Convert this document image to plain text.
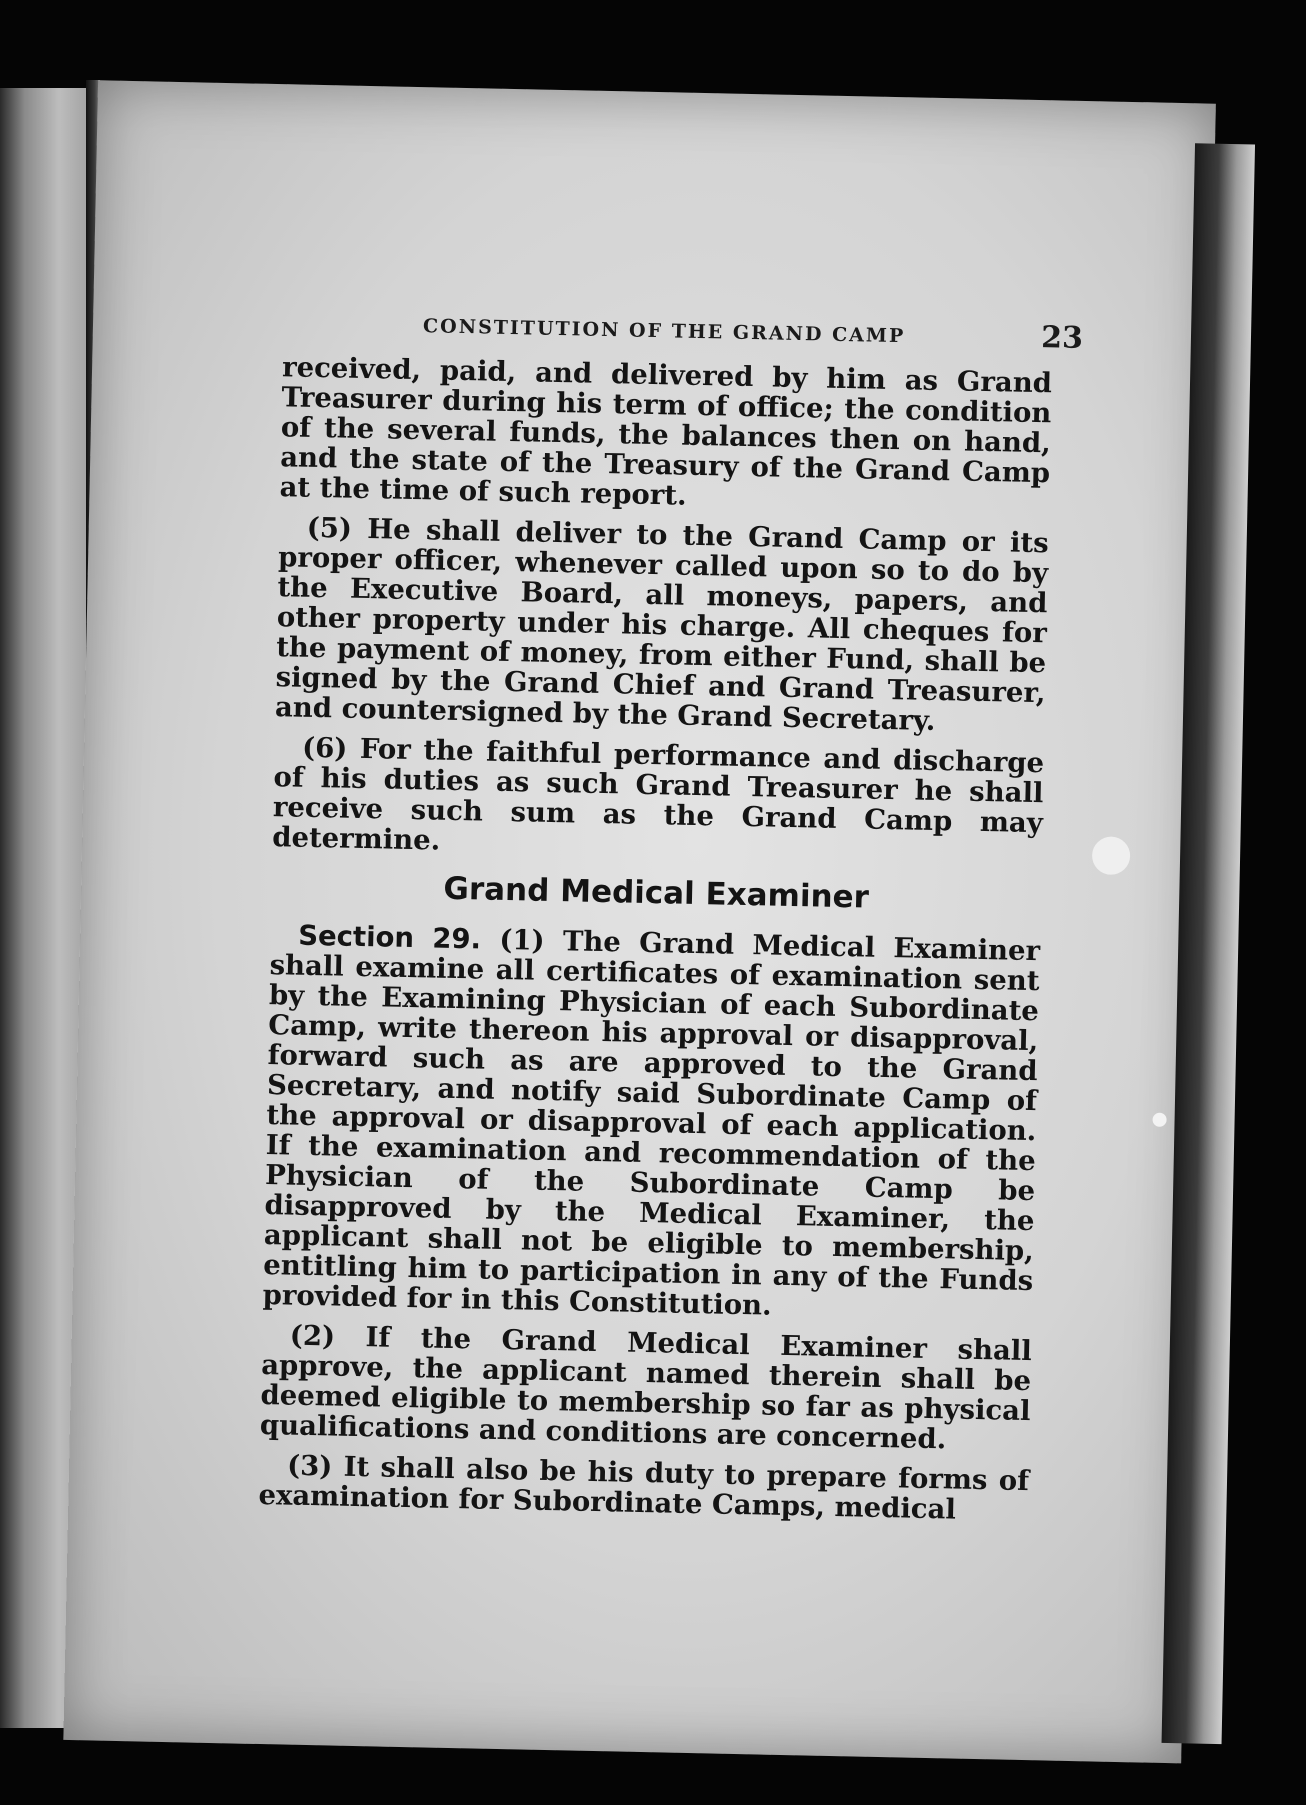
CONSTITUTION OF THE GRAND CAMP	23

received, paid, and delivered by him as Grand Treasurer during his term of office; the condition of the several funds, the balances then on hand, and the state of the Treasury of the Grand Camp at the time of such report.

(5) He shall deliver to the Grand Camp or its proper officer, whenever called upon so to do by the Executive Board, all moneys, papers, and other property under his charge. All cheques for the payment of money, from either Fund, shall be signed by the Grand Chief and Grand Treasurer, and countersigned by the Grand Secretary.

(6) For the faithful performance and discharge of his duties as such Grand Treasurer he shall receive such sum as the Grand Camp may determine.

Grand Medical Examiner

Section 29. (1) The Grand Medical Examiner shall examine all certificates of examination sent by the Examining Physician of each Subordinate Camp, write thereon his approval or disapproval, forward such as are approved to the Grand Secretary, and notify said Subordinate Camp of the approval or disapproval of each application. If the examination and recommendation of the Physician of the Subordinate Camp be disapproved by the Medical Examiner, the applicant shall not be eligible to membership, entitling him to participation in any of the Funds provided for in this Constitution.

(2) If the Grand Medical Examiner shall approve, the applicant named therein shall be deemed eligible to membership so far as physical qualifications and conditions are concerned.

(3) It shall also be his duty to prepare forms of examination for Subordinate Camps, medical
